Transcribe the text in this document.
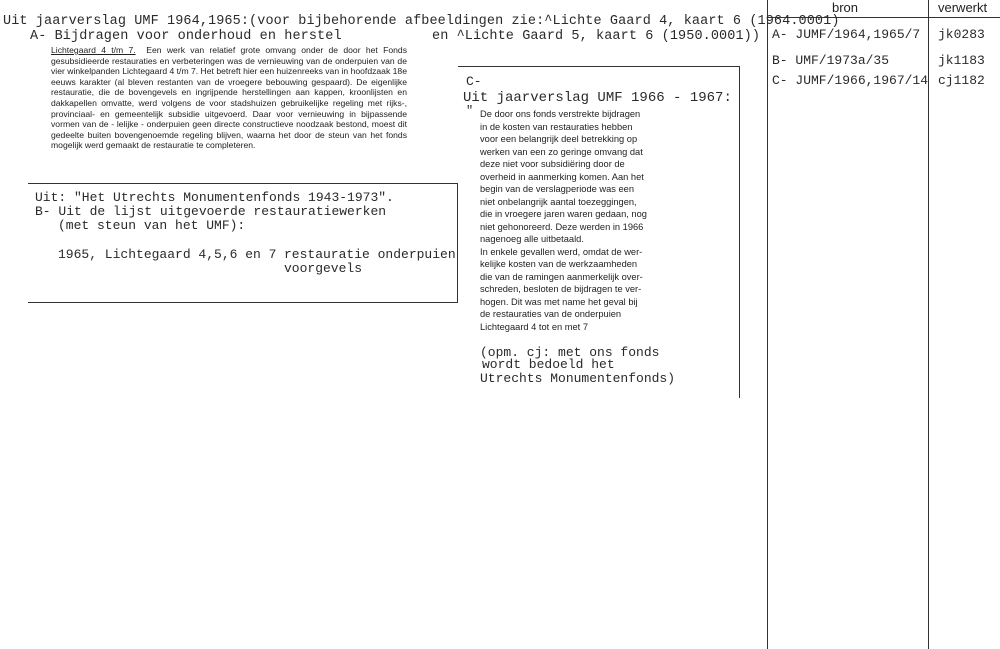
bron	verwerkt
A- JUMF/1964,1965/7 jk0283
B- UMF/1973a/35	jk1183
C- JUMF/1966,1967/14 cj1182
Uit jaarverslag UMF 1964,1965:(voor bijbehorende afbeeldingen zie:^Lichte Gaard 4, kaart 6 (1964.0001)
A- Bijdragen voor onderhoud en herstel	en ^Lichte Gaard 5, kaart 6 (1950.0001))

Lichtegaard 4 t/m 7. Een werk van relatief grote omvang onder de door het Fonds gesubsidieerde restauraties en verbeteringen was de vernieuwing van de onderpuien van de vier winkelpanden Lichtegaard 4 t/m 7. Het betreft hier een huizenreeks van in hoofdzaak 18e eeuws karakter (al bleven restanten van de vroegere bebouwing gespaard). De eigenlijke restauratie, die de bovengevels en ingrijpende herstellingen aan kappen, kroonlijsten en dakkapellen omvatte, werd volgens de voor stadshuizen gebruikelijke regeling met rijks-, provinciaal- en gemeentelijk subsidie uitgevoerd. Daar voor vernieuwing in bijpassende vormen van de - lelijke - onderpuien geen directe constructieve noodzaak bestond, moest dit gedeelte buiten bovengenoemde regeling blijven, waarna het door de steun van het fonds mogelijk werd gemaakt de restauratie te completeren.

Uit: "Het Utrechts Monumentenfonds 1943-1973".
B- Uit de lijst uitgevoerde restauratiewerken
(met steun van het UMF):
1965, Lichtegaard 4,5,6 en 7 restauratie onderpuien
voorgevels
C-
Uit jaarverslag UMF 1966 - 1967:
" De door ons fonds verstrekte bijdragen
in de kosten van restauraties hebben
voor een belangrijk deel betrekking op
werken van een zo geringe omvang dat
deze niet voor subsidiëring door de
overheid in aanmerking komen. Aan het
begin van de verslagperiode was een
niet onbelangrijk aantal toezeggingen,
die in vroegere jaren waren gedaan, nog
niet gehonoreerd. Deze werden in 1966
nagenoeg alle uitbetaald.
In enkele gevallen werd, omdat de wer-
kelijke kosten van de werkzaamheden
die van de ramingen aanmerkelijk over-
schreden, besloten de bijdragen te ver-
hogen. Dit was met name het geval bij
de restauraties van de onderpuien
Lichtegaard 4 tot en met 7
(opm. cj: met ons fonds
wordt bedoeld het
Utrechts Monumentenfonds)
